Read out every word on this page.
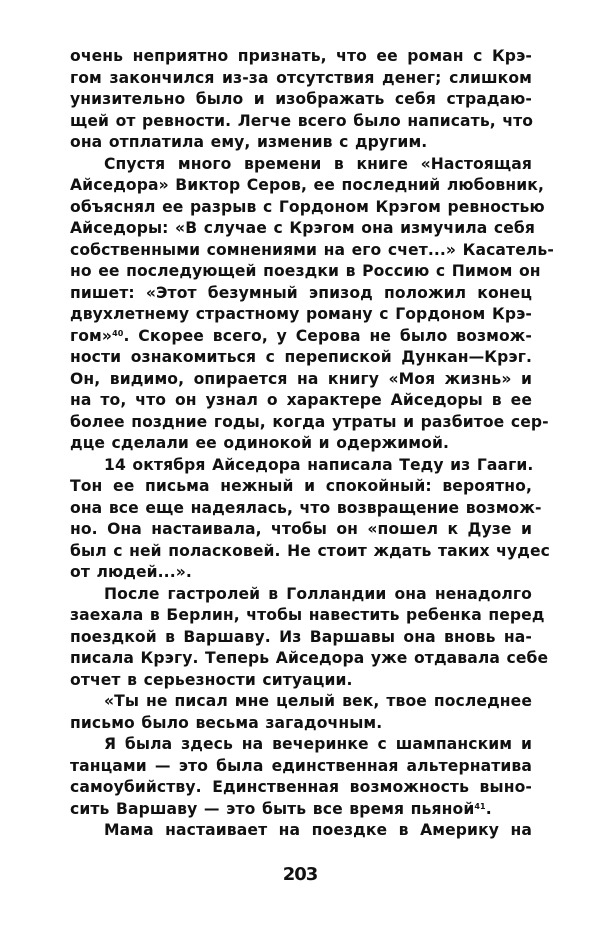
очень неприятно признать, что ее роман с Крэ-
гом закончился из-за отсутствия денег; слишком
унизительно было и изображать себя страдаю-
щей от ревности. Легче всего было написать, что
она отплатила ему, изменив с другим.
Спустя много времени в книге «Настоящая
Айседора» Виктор Серов, ее последний любовник,
объяснял ее разрыв с Гордоном Крэгом ревностью
Айседоры: «В случае с Крэгом она измучила себя
собственными сомнениями на его счет...» Касатель-
но ее последующей поездки в Россию с Пимом он
пишет: «Этот безумный эпизод положил конец
двухлетнему страстному роману с Гордоном Крэ-
гом»$^{40}$. Скорее всего, у Серова не было возмож-
ности ознакомиться с перепиской Дункан—Крэг.
Он, видимо, опирается на книгу «Моя жизнь» и
на то, что он узнал о характере Айседоры в ее
более поздние годы, когда утраты и разбитое сер-
дце сделали ее одинокой и одержимой.
14 октября Айседора написала Теду из Гааги.
Тон ее письма нежный и спокойный: вероятно,
она все еще надеялась, что возвращение возмож-
но. Она настаивала, чтобы он «пошел к Дузе и
был с ней поласковей. Не стоит ждать таких чудес
от людей...».
После гастролей в Голландии она ненадолго
заехала в Берлин, чтобы навестить ребенка перед
поездкой в Варшаву. Из Варшавы она вновь на-
писала Крэгу. Теперь Айседора уже отдавала себе
отчет в серьезности ситуации.
«Ты не писал мне целый век, твое последнее
письмо было весьма загадочным.
Я была здесь на вечеринке с шампанским и
танцами — это была единственная альтернатива
самоубийству. Единственная возможность выно-
сить Варшаву — это быть все время пьяной$^{41}$.
Мама настаивает на поездке в Америку на
203
